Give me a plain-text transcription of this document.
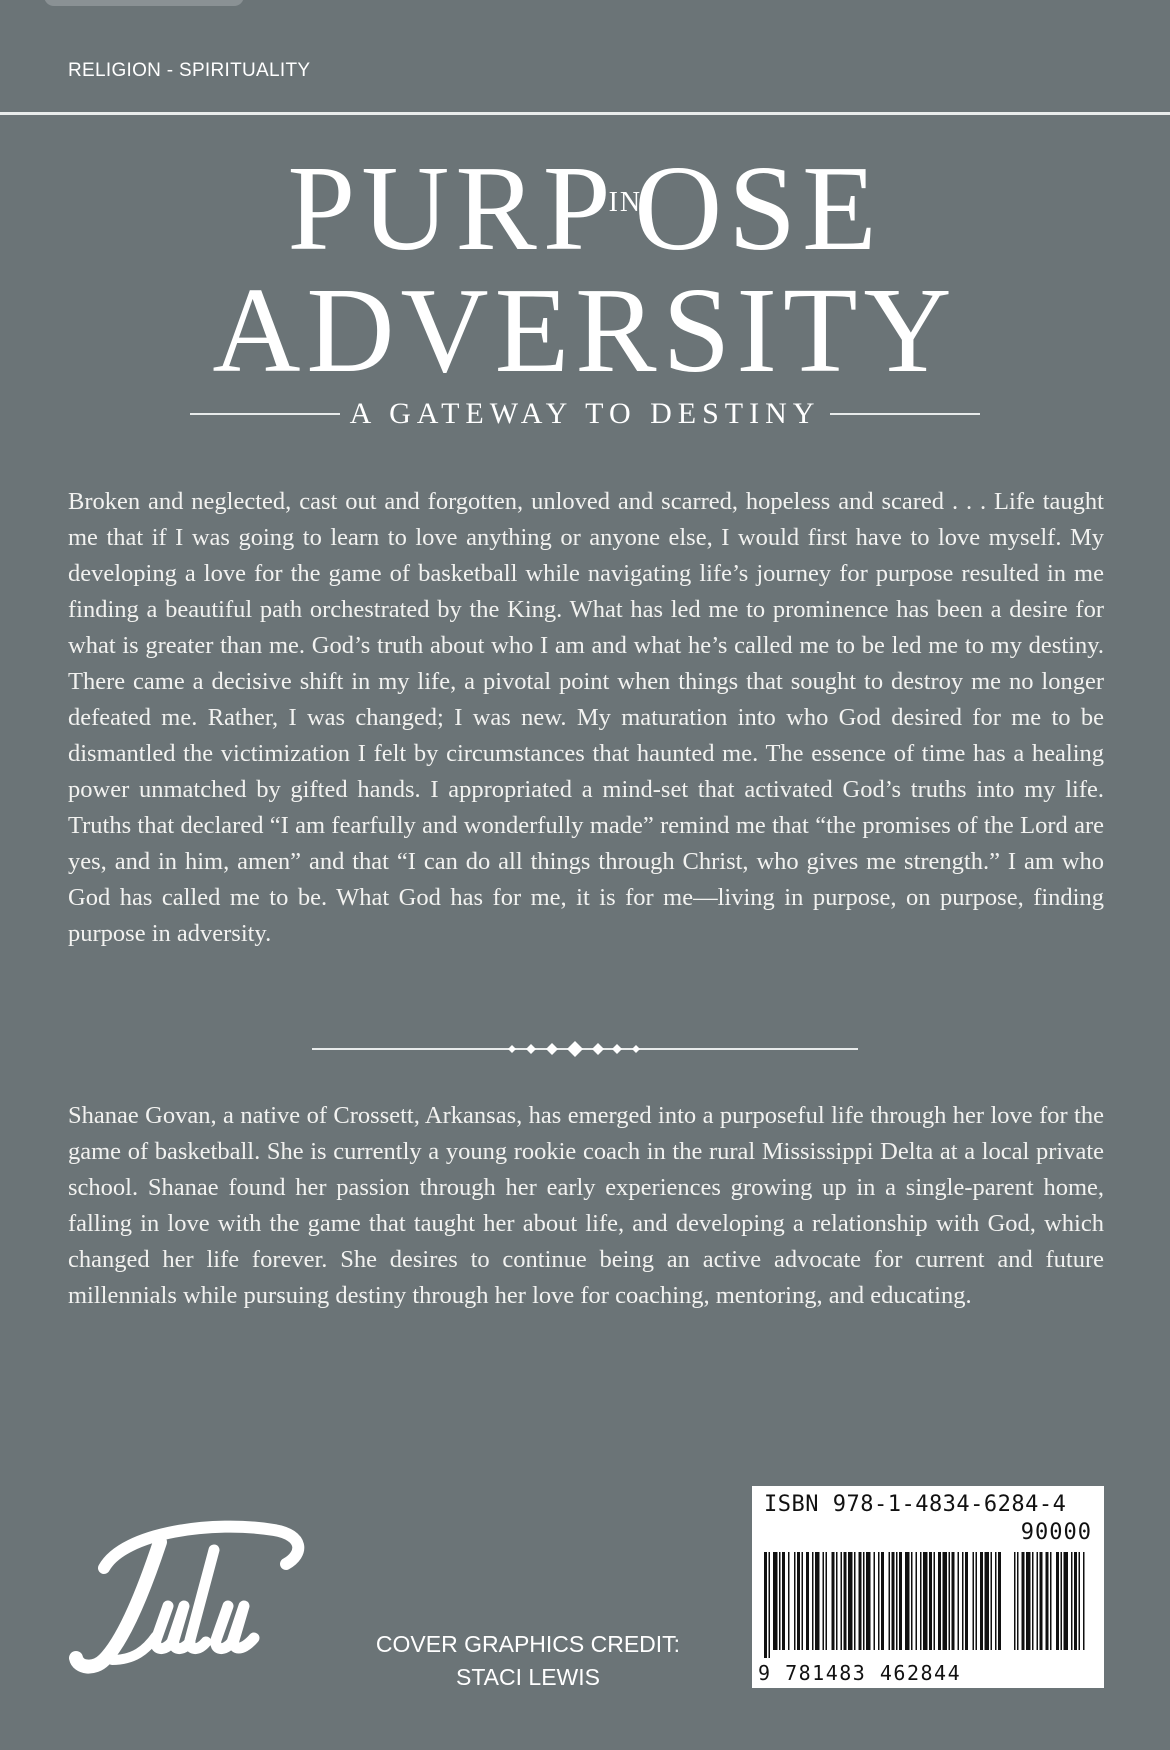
RELIGION - SPIRITUALITY
PURPINOSE
ADVERSITY
A GATEWAY TO DESTINY

Broken and neglected, cast out and forgotten, unloved and scarred, hopeless and scared . . . Life taught me that if I was going to learn to love anything or anyone else, I would first have to love myself. My developing a love for the game of basketball while navigating life’s journey for purpose resulted in me finding a beautiful path orchestrated by the King. What has led me to prominence has been a desire for what is greater than me. God’s truth about who I am and what he’s called me to be led me to my destiny. There came a decisive shift in my life, a pivotal point when things that sought to destroy me no longer defeated me. Rather, I was changed; I was new. My maturation into who God desired for me to be dismantled the victimization I felt by circumstances that haunted me. The essence of time has a healing power unmatched by gifted hands. I appropriated a mind-set that activated God’s truths into my life. Truths that declared “I am fearfully and wonderfully made” remind me that “the promises of the Lord are yes, and in him, amen” and that “I can do all things through Christ, who gives me strength.” I am who God has called me to be. What God has for me, it is for me—living in purpose, on purpose, finding purpose in adversity.

Shanae Govan, a native of Crossett, Arkansas, has emerged into a purposeful life through her love for the game of basketball. She is currently a young rookie coach in the rural Mississippi Delta at a local private school. Shanae found her passion through her early experiences growing up in a single-parent home, falling in love with the game that taught her about life, and developing a relationship with God, which changed her life forever. She desires to continue being an active advocate for current and future millennials while pursuing destiny through her love for coaching, mentoring, and educating.

COVER GRAPHICS CREDIT:
STACI LEWIS
ISBN 978-1-4834-6284-4
90000
9 781483 462844
